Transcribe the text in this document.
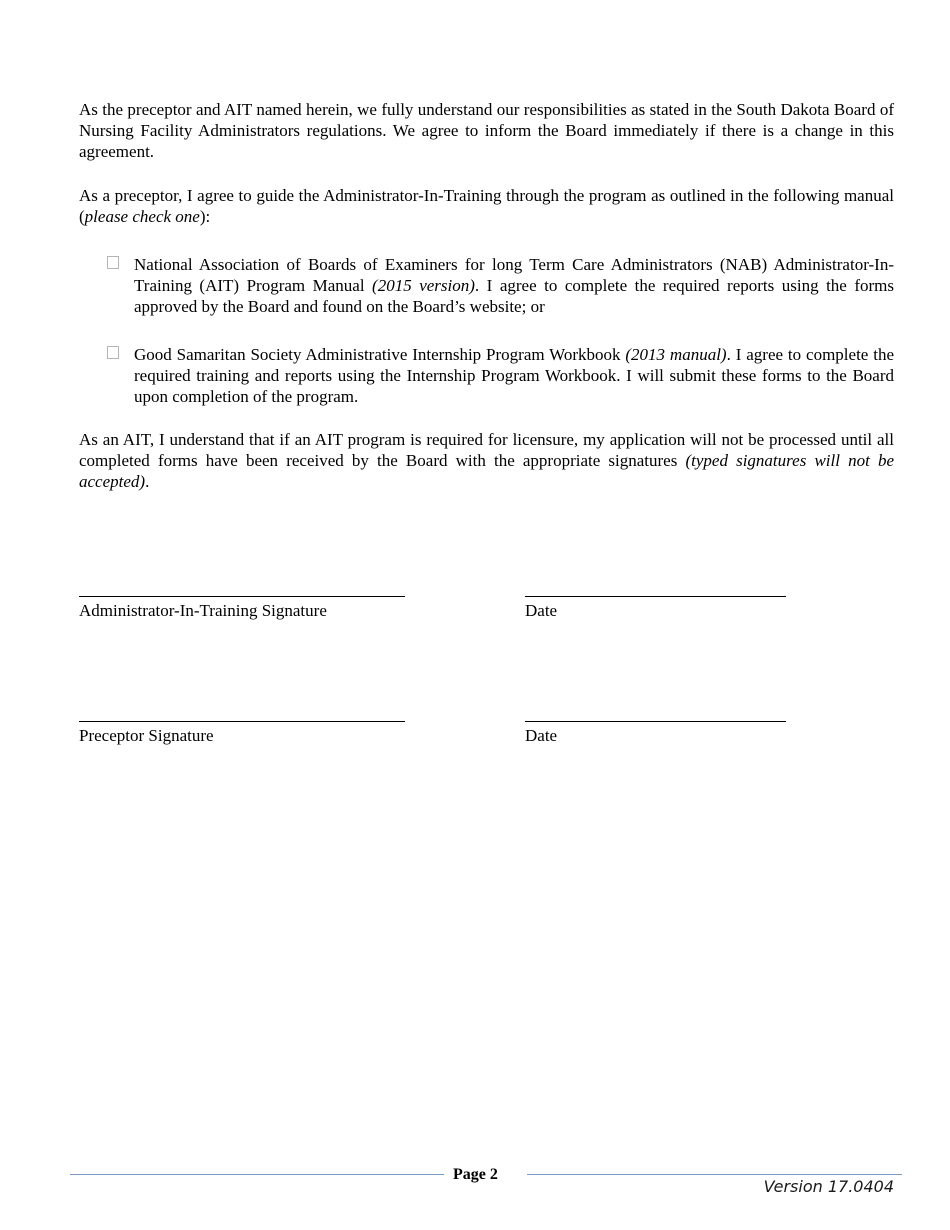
As the preceptor and AIT named herein, we fully understand our responsibilities as stated in the South Dakota Board of Nursing Facility Administrators regulations. We agree to inform the Board immediately if there is a change in this agreement.

As a preceptor, I agree to guide the Administrator-In-Training through the program as outlined in the following manual (please check one):

National Association of Boards of Examiners for long Term Care Administrators (NAB) Administrator-In-Training (AIT) Program Manual (2015 version). I agree to complete the required reports using the forms approved by the Board and found on the Board’s website; or

Good Samaritan Society Administrative Internship Program Workbook (2013 manual). I agree to complete the required training and reports using the Internship Program Workbook. I will submit these forms to the Board upon completion of the program.

As an AIT, I understand that if an AIT program is required for licensure, my application will not be processed until all completed forms have been received by the Board with the appropriate signatures (typed signatures will not be accepted).

Administrator-In-Training Signature	Date

Preceptor Signature	Date

Page 2
Version 17.0404
